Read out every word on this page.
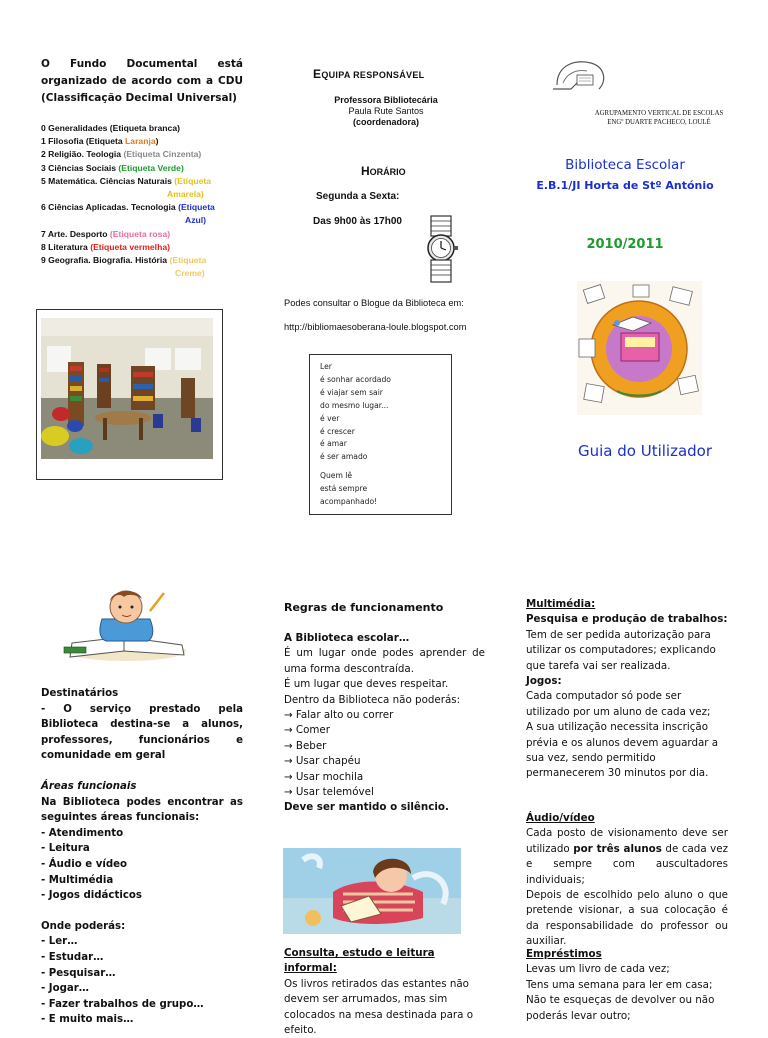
O Fundo Documental está organizado de acordo com a CDU (Classificação Decimal Universal)
0 Generalidades (Etiqueta branca)
1 Filosofia (Etiqueta Laranja)
2 Religião. Teologia (Etiqueta Cinzenta)
3 Ciências Sociais (Etiqueta Verde)
5 Matemática. Ciências Naturais (Etiqueta
Amarela)
6 Ciências Aplicadas. Tecnologia (Etiqueta
Azul)
7 Arte. Desporto (Etiqueta rosa)
8 Literatura (Etiqueta vermelha)
9 Geografia. Biografia. História (Etiqueta
Creme)
EQUIPA RESPONSÁVEL
Professora Bibliotecária
Paula Rute Santos
(coordenadora)
HORÁRIO
Segunda a Sexta:
Das 9h00 às 17h00
Podes consultar o Blogue da Biblioteca em:
http://bibliomaesoberana-loule.blogspot.com
Ler
é sonhar acordado
é viajar sem sair
do mesmo lugar...
é ver
é crescer
é amar
é ser amado
Quem lê
está sempre
acompanhado!
AGRUPAMENTO VERTICAL DE ESCOLAS
ENGº DUARTE PACHECO, LOULÉ
Biblioteca Escolar
E.B.1/JI Horta de Stº António
2010/2011
Guia do Utilizador
Destinatários
- O serviço prestado pela Biblioteca destina-se a alunos, professores, funcionários e comunidade em geral
Áreas funcionais
Na Biblioteca podes encontrar as seguintes áreas funcionais:
- Atendimento
- Leitura
- Áudio e vídeo
- Multimédia
- Jogos didácticos
Onde poderás:
- Ler…
- Estudar…
- Pesquisar…
- Jogar…
- Fazer trabalhos de grupo…
- E muito mais…
Regras de funcionamento
A Biblioteca escolar…
É um lugar onde podes aprender de uma forma descontraída.
É um lugar que deves respeitar.
Dentro da Biblioteca não poderás:
→ Falar alto ou correr
→ Comer
→ Beber
→ Usar chapéu
→ Usar mochila
→ Usar telemóvel
Deve ser mantido o silêncio.
Consulta, estudo e leitura informal:
Os livros retirados das estantes não devem ser arrumados, mas sim colocados na mesa destinada para o efeito.
Multimédia:
Pesquisa e produção de trabalhos:
Tem de ser pedida autorização para utilizar os computadores; explicando que tarefa vai ser realizada.
Jogos:
Cada computador só pode ser utilizado por um aluno de cada vez;
A sua utilização necessita inscrição prévia e os alunos devem aguardar a sua vez, sendo permitido permanecerem 30 minutos por dia.
Áudio/vídeo
Cada posto de visionamento deve ser utilizado por três alunos de cada vez e sempre com auscultadores individuais;
Depois de escolhido pelo aluno o que pretende visionar, a sua colocação é da responsabilidade do professor ou auxiliar.
Empréstimos
Levas um livro de cada vez;
Tens uma semana para ler em casa;
Não te esqueças de devolver ou não poderás levar outro;
